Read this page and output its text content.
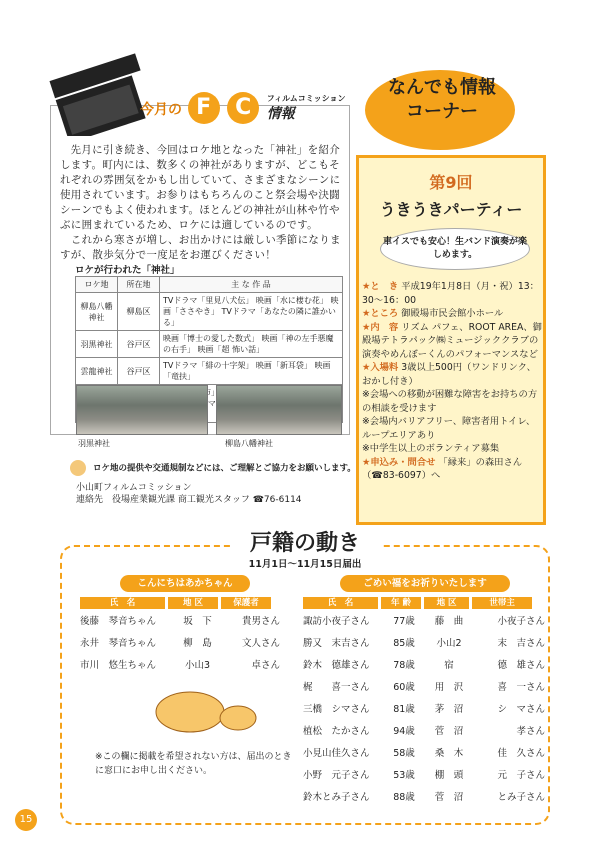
今月の F C フィルムコミッション
情報
先月に引き続き、今回はロケ地となった「神社」を紹介します。町内には、数多くの神社がありますが、どこもそれぞれの雰囲気をかもし出していて、さまざまなシーンに使用されています。お参りはもちろんのこと祭会場や決闘シーンでもよく使われます。ほとんどの神社が山林や竹やぶに囲まれているため、ロケには適しているのです。
　これから寒さが増し、お出かけには厳しい季節になりますが、散歩気分で一度足をお運びください！
ロケが行われた「神社」
ロケ地	所在地	主 な 作 品
柳島八幡神社	柳島区	TVドラマ「里見八犬伝」 映画「水に棲む花」 映画「ささやき」 TVドラマ「あなたの隣に誰かいる」
羽黒神社	谷戸区	映画「博士の愛した数式」 映画「神の左手悪魔の右手」 映画「超 怖い話」
雲龍神社	谷戸区	TVドラマ「緋の十字架」 映画「新耳袋」 映画「竜扶」
		TVドラマ「牙狼」
羽黒神社	柳島八幡神社
ロケ地の提供や交通規制などには、ご理解とご協力をお願いします。
小山町フィルムコミッション
連絡先　役場産業観光課 商工観光スタッフ ☎76-6114
なんでも情報コーナー
第9回
うきうきパーティー
車イスでも安心！生バンド演奏が楽しめます。
★と　き 平成19年1月8日（月・祝）13：30～16：00
★ところ 御殿場市民会館小ホール
★内　容 リズム パフェ、ROOT AREA、御殿場テトラパック㈱ミュージッククラブの演奏やめんぼーくんのパフォーマンスなど
★入場料 3歳以上500円（ワンドリンク、おかし付き）
※会場への移動が困難な障害をお持ちの方の相談を受けます
※会場内バリアフリー、障害者用トイレ、ループエリアあり
※中学生以上のボランティア募集
★申込み・問合せ 「縁来」の森田さん（☎83-6097）へ
戸籍の動き
11月1日～11月15日届出
こんにちはあかちゃん	ごめい福をお祈りいたします
氏　名	地 区	保護者
後藤　琴音ちゃん	坂　下	貴男さん
永井　琴音ちゃん	柳　島	文人さん
市川　悠生ちゃん	小山3	卓さん
氏　名	年 齢	地 区	世帯主
諏訪小夜子さん 77歳 藤　曲	小夜子さん
勝又　末吉さん 85歳 小山2	末　吉さん
鈴木　德雄さん 78歳	宿	德　雄さん
梶　　喜一さん 60歳 用　沢	喜　一さん
三橋　シマさん 81歳 茅　沼	シ　マさん
植松　たかさん 94歳 菅　沼	孝さん
小見山佳久さん 58歳 桑　木	佳　久さん
小野　元子さん 53歳 棚　頭	元　子さん
鈴木とみ子さん 88歳 菅　沼	とみ子さん
※この欄に掲載を希望されない方は、届出のときに窓口にお申し出ください。
15
